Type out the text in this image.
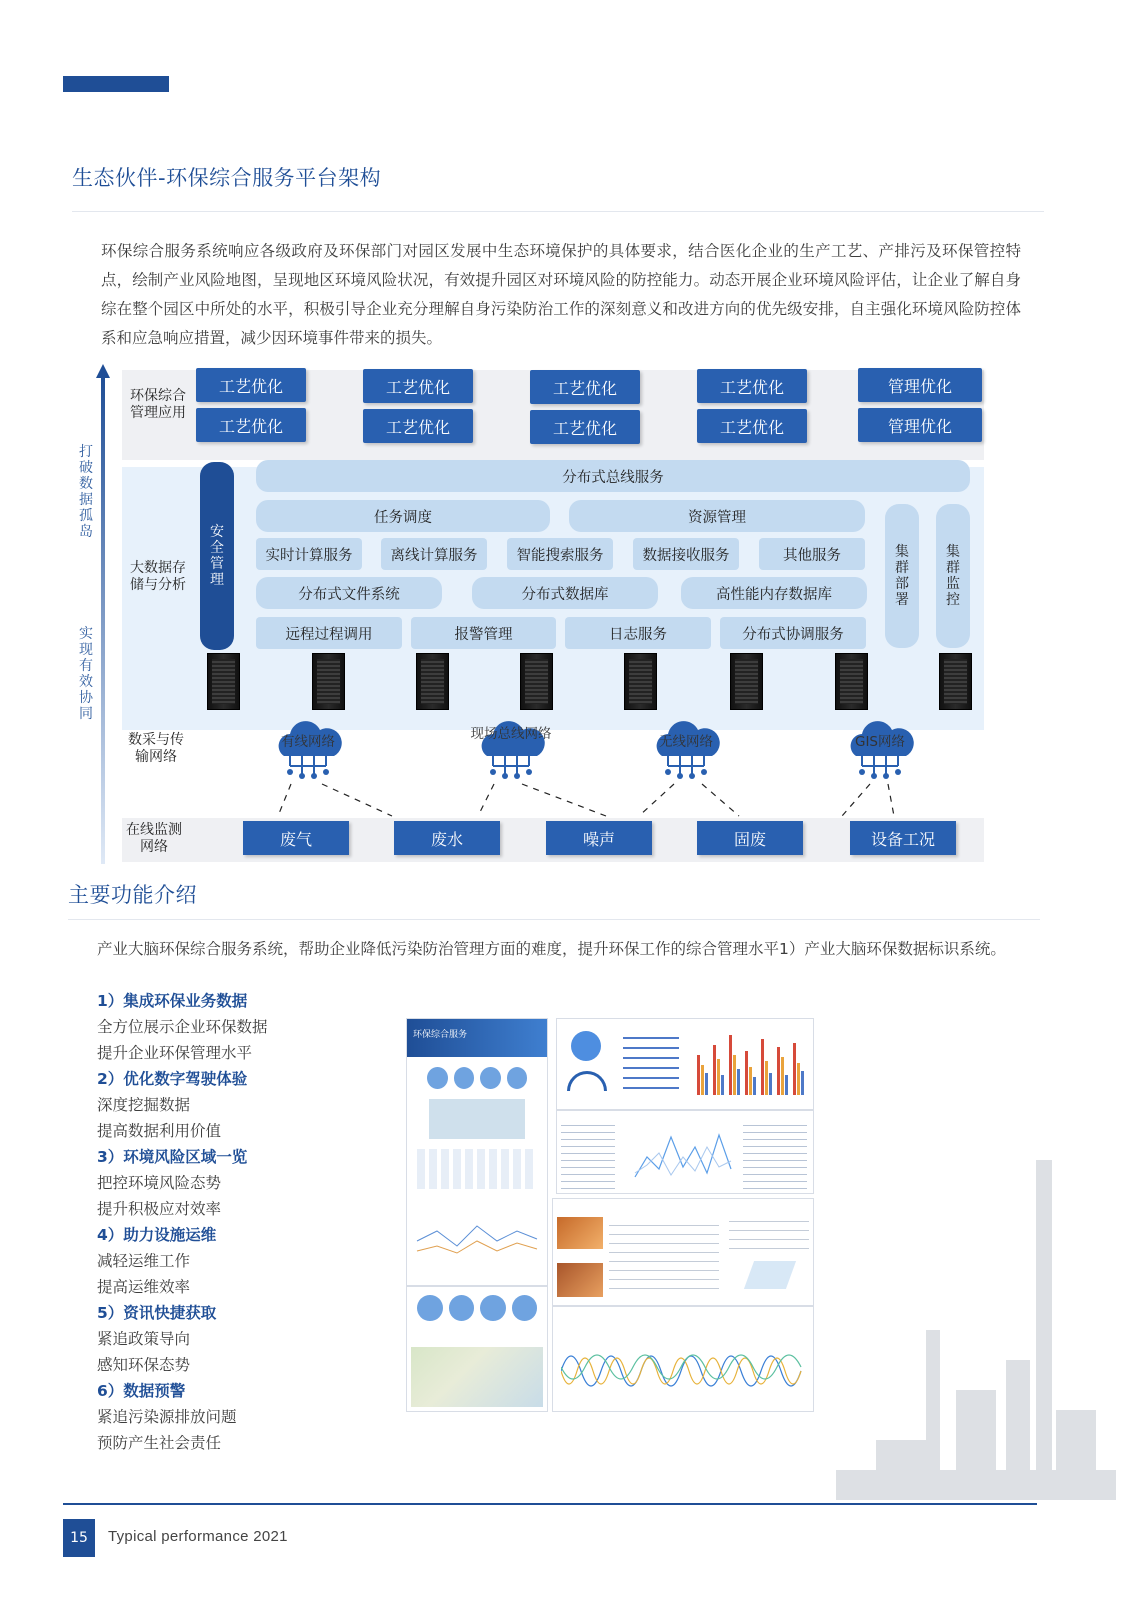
生态伙伴-环保综合服务平台架构
环保综合服务系统响应各级政府及环保部门对园区发展中生态环境保护的具体要求，结合医化企业的生产工艺、产排污及环保管控特点，绘制产业风险地图，呈现地区环境风险状况，有效提升园区对环境风险的防控能力。动态开展企业环境风险评估，让企业了解自身综在整个园区中所处的水平，积极引导企业充分理解自身污染防治工作的深刻意义和改进方向的优先级安排，自主强化环境风险防控体系和应急响应措置，减少因环境事件带来的损失。
打破数据孤岛
实现有效协同
环保综合管理应用
大数据存储与分析
数采与传输网络
在线监测网络
工艺优化
工艺优化
工艺优化
工艺优化
工艺优化
工艺优化
工艺优化
工艺优化
管理优化
管理优化
安全管理
分布式总线服务
任务调度	资源管理
实时计算服务	离线计算服务	智能搜索服务	数据接收服务	其他服务
分布式文件系统	分布式数据库	高性能内存数据库
远程过程调用	报警管理	日志服务	分布式协调服务
集群部署
集群监控
有线网络	现场总线网络	无线网络	GIS网络
废气	废水	噪声	固废	设备工况
主要功能介绍
产业大脑环保综合服务系统，帮助企业降低污染防治管理方面的难度，提升环保工作的综合管理水平1）产业大脑环保数据标识系统。
1）集成环保业务数据
全方位展示企业环保数据
提升企业环保管理水平
2）优化数字驾驶体验
深度挖掘数据
提高数据利用价值
3）环境风险区域一览
把控环境风险态势
提升积极应对效率
4）助力设施运维
减轻运维工作
提高运维效率
5）资讯快捷获取
紧追政策导向
感知环保态势
6）数据预警
紧追污染源排放问题
预防产生社会责任
环保综合服务
15	Typical performance 2021
